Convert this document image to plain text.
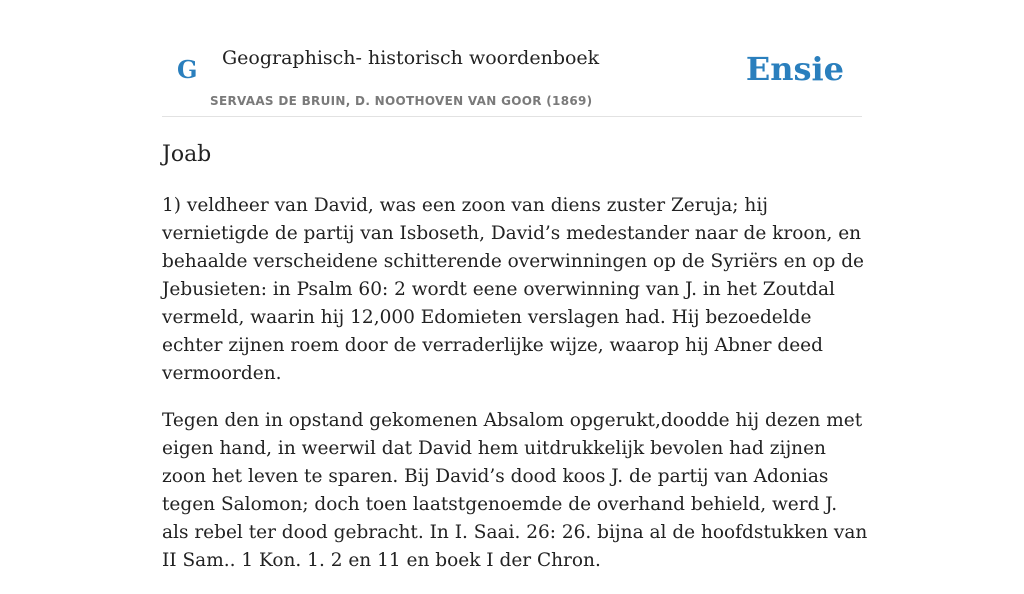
G Geographisch- historisch woordenboek
SERVAAS DE BRUIN, D. NOOTHOVEN VAN GOOR (1869)
Ensie
Joab

1) veldheer van David, was een zoon van diens zuster Zeruja; hij vernietigde de partij van Isboseth, David’s medestander naar de kroon, en behaalde verscheidene schitterende overwinningen op de Syriërs en op de Jebusieten: in Psalm 60: 2 wordt eene overwinning van J. in het Zoutdal vermeld, waarin hij 12,000 Edomieten verslagen had. Hij bezoedelde echter zijnen roem door de verraderlijke wijze, waarop hij Abner deed vermoorden.

Tegen den in opstand gekomenen Absalom opgerukt,doodde hij dezen met eigen hand, in weerwil dat David hem uitdrukkelijk bevolen had zijnen zoon het leven te sparen. Bij David’s dood koos J. de partij van Adonias tegen Salomon; doch toen laatstgenoemde de overhand behield, werd J. als rebel ter dood gebracht. In I. Saai. 26: 26. bijna al de hoofdstukken van II Sam.. 1 Kon. 1. 2 en 11 en boek I der Chron.
